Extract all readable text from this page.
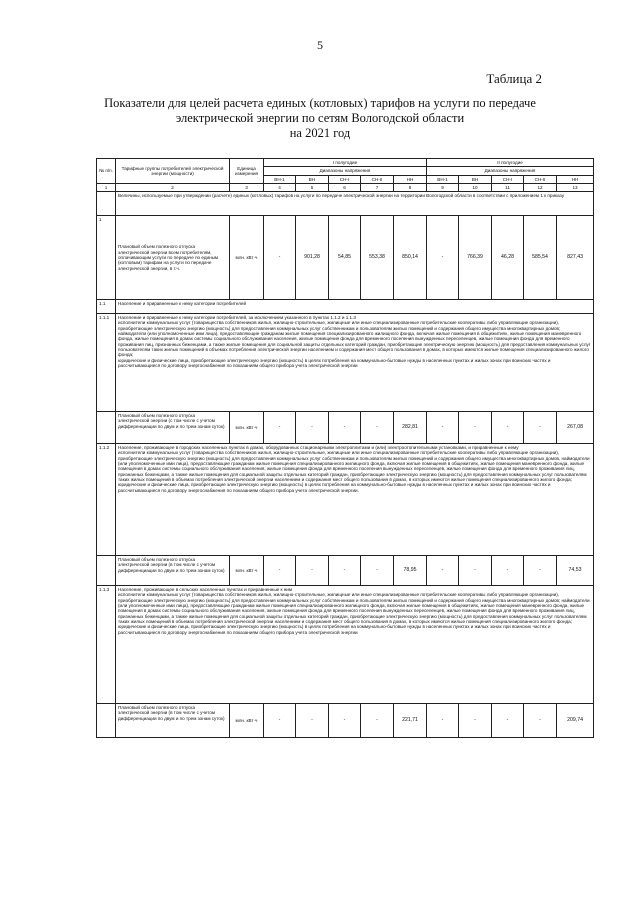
5
Таблица 2
Показатели для целей расчета единых (котловых) тарифов на услуги по передаче
электрической энергии по сетям Вологодской области
на 2021 год
№ п/п.	Тарифные группы потребителей электрической энергии (мощности)	Единица измерения	I полугодие					II полугодие				
			Диапазоны напряжения					Диапазоны напряжения				
			ВН-1	ВН	СН-I	СН-II	НН	ВН-1	ВН	СН-I	СН-II	НН
1	2	3	4	5	6	7	8	9	10	11	12	13
	Величины, используемые при утверждении (расчете) единых (котловых) тарифов на услуги по передаче электрической энергии на территории Вологодской области в соответствии с приложением 1 к приказу											
1	Плановый объем полезного отпуска электрической энергии всем потребителям, оплачивающим услуги по передаче по единым (котловым) тарифам на услуги по передаче электрической энергии, в т.ч.	млн. кВт·ч	-	901,28	54,85	553,38	850,14	-	766,39	46,28	585,54	827,43
1.1	Население и приравненные к нему категории потребителей											
1.1.1	Население и приравненные к нему категории потребителей, за исключением указанного в пунктах 1.1.2 и 1.1.3
исполнители коммунальных услуг (товарищества собственников жилья, жилищно-строительные, жилищные или иные специализированные потребительские кооперативы либо управляющие организации), приобретающие электрическую энергию (мощность) для предоставления коммунальных услуг собственникам и пользователям жилых помещений и содержания общего имущества многоквартирных домов;
наймодатели (или уполномоченные ими лица), предоставляющие гражданам жилые помещения специализированного жилищного фонда, включая жилые помещения в общежитиях, жилые помещения маневренного фонда, жилые помещения в домах системы социального обслуживания населения, жилые помещения фонда для временного поселения вынужденных переселенцев, жилые помещения фонда для временного проживания лиц, признанных беженцами, а также жилые помещения для социальной защиты отдельных категорий граждан, приобретающие электрическую энергию (мощность) для предоставления коммунальных услуг пользователям таких жилых помещений в объемах потребления электрической энергии населением и содержания мест общего пользования в домах, в которых имеются жилые помещения специализированного жилого фонда;
юридические и физические лица, приобретающие электрическую энергию (мощность) в целях потребления на коммунально-бытовые нужды в населенных пунктах и жилых зонах при воинских частях и рассчитывающиеся по договору энергоснабжения по показаниям общего прибора учета электрической энергии											
	Плановый объем полезного отпуска электрической энергии (с том числе с учетом дифференциации по двум и по трем зонам суток)	млн. кВт·ч	-	-	-	-	282,81	-	-	-	-	267,08
1.1.2	Население, проживающее в городских населенных пунктах в домах, оборудованных стационарными электроплитами и (или) электроотопительными установками, и приравненные к нему
исполнители коммунальных услуг (товарищества собственников жилья, жилищно-строительные, жилищные или иные специализированные потребительские кооперативы либо управляющие организации), приобретающие электрическую энергию (мощность) для предоставления коммунальных услуг собственникам и пользователям жилых помещений и содержания общего имущества многоквартирных домов, наймодатели (или уполномоченные ими лица), предоставляющие гражданам жилые помещения специализированного жилищного фонда, включая жилые помещения в общежитиях, жилые помещения маневренного фонда, жилые помещения в домах системы социального обслуживания населения, жилые помещения фонда для временного поселения вынужденных переселенцев, жилые помещения фонда для временного проживания лиц, признанных беженцами, а также жилые помещения для социальной защиты отдельных категорий граждан, приобретающие электрическую энергию (мощность) для предоставления коммунальных услуг пользователям таких жилых помещений в объемах потребления электрической энергии населением и содержания мест общего пользования в домах, в которых имеются жилые помещения специализированного жилого фонда;
юридические и физические лица, приобретающие электрическую энергию (мощность) в целях потребления на коммунально-бытовые нужды в населенных пунктах и жилых зонах при воинских частях и рассчитывающиеся по договору энергоснабжения по показаниям общего прибора учета электрической энергии.											
	Плановый объем полезного отпуска электрической энергии (в том числе с учетом дифференциации по двум и по трем зонам суток)	млн. кВт·ч	-	-	-	-	78,95	-	-	-	-	74,53
1.1.3	Население, проживающее в сельских населенных пунктах и приравненные к ним
исполнители коммунальных услуг (товарищества собственников жилья, жилищно-строительные, жилищные или иные специализированные потребительские кооперативы либо управляющие организации), приобретающие электрическую энергию (мощность) для предоставления коммунальных услуг собственникам и пользователям жилых помещений и содержания общего имущества многоквартирных домов; наймодатели (или уполномоченные ими лица), предоставляющие гражданам жилые помещения специализированного жилищного фонда, включая жилые помещения в общежитиях, жилые помещения маневренного фонда, жилые помещения в домах системы социального обслуживания населения, жилые помещения фонда для временного поселения вынужденных переселенцев, жилые помещения фонда для временного проживания лиц, признанных беженцами, а также жилые помещения для социальной защиты отдельных категорий граждан, приобретающие электрическую энергию (мощность) для предоставления коммунальных услуг пользователям таких жилых помещений в объемах потребления электрической энергии населением и содержания мест общего пользования в домах, в которых имеются жилые помещения специализированного жилого фонда;
юридические и физические лица, приобретающие электрическую энергию (мощность) в целях потребления на коммунально-бытовые нужды в населенных пунктах и жилых зонах при воинских частях и рассчитывающиеся по договору энергоснабжения по показаниям общего прибора учета электрической энергии											
	Плановый объем полезного отпуска электрической энергии (в том числе с учетом дифференциации по двум и по трем зонам суток)	млн. кВт·ч	-	-	-	-	221,71	-	-	-	-	209,74
